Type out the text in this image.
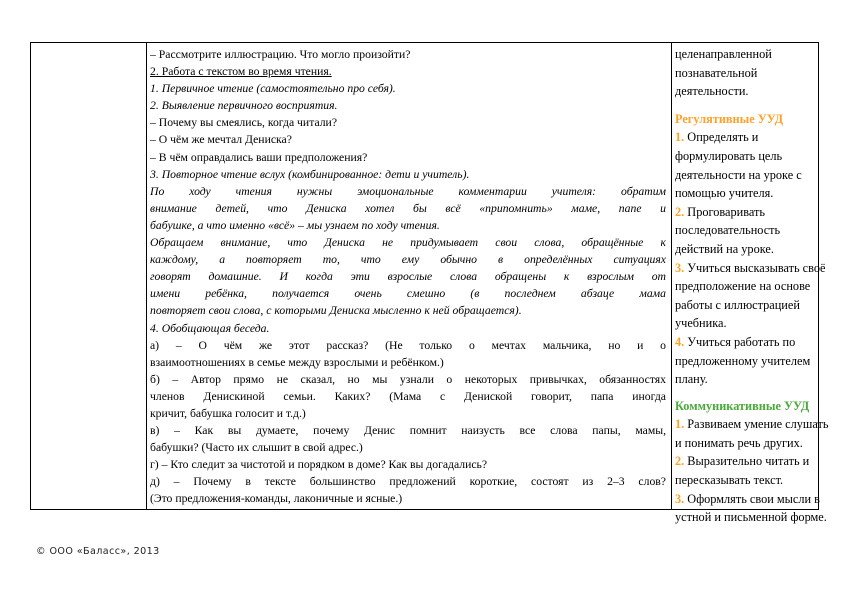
– Рассмотрите иллюстрацию. Что могло произойти?
2. Работа с текстом во время чтения.
1. Первичное чтение (самостоятельно про себя).
2. Выявление первичного восприятия.
– Почему вы смеялись, когда читали?
– О чём же мечтал Дениска?
– В чём оправдались ваши предположения?
3. Повторное чтение вслух (комбинированное: дети и учитель).
По ходу чтения нужны эмоциональные комментарии учителя: обратим
внимание детей, что Дениска хотел бы всё «припомнить» маме, папе и
бабушке, а что именно «всё» – мы узнаем по ходу чтения.
Обращаем внимание, что Дениска не придумывает свои слова, обращённые к
каждому, а повторяет то, что ему обычно в определённых ситуациях
говорят домашние. И когда эти взрослые слова обращены к взрослым от
имени ребёнка, получается очень смешно (в последнем абзаце мама
повторяет свои слова, с которыми Дениска мысленно к ней обращается).
4. Обобщающая беседа.
а) – О чём же этот рассказ? (Не только о мечтах мальчика, но и о
взаимоотношениях в семье между взрослыми и ребёнком.)
б) – Автор прямо не сказал, но мы узнали о некоторых привычках, обязанностях
членов Денискиной семьи. Каких? (Мама с Дениской говорит, папа иногда
кричит, бабушка голосит и т.д.)
в) – Как вы думаете, почему Денис помнит наизусть все слова папы, мамы,
бабушки? (Часто их слышит в свой адрес.)
г) – Кто следит за чистотой и порядком в доме? Как вы догадались?
д) – Почему в тексте большинство предложений короткие, состоят из 2–3 слов?
(Это предложения-команды, лаконичные и ясные.)
целенаправленной
познавательной
деятельности.
Регулятивные УУД
1. Определять и
формулировать цель
деятельности на уроке с
помощью учителя.
2. Проговаривать
последовательность
действий на уроке.
3. Учиться высказывать своё
предположение на основе
работы с иллюстрацией
учебника.
4. Учиться работать по
предложенному учителем
плану.
Коммуникативные УУД
1. Развиваем умение слушать
и понимать речь других.
2. Выразительно читать и
пересказывать текст.
3. Оформлять свои мысли в
устной и письменной форме.
© ООО «Баласс», 2013
